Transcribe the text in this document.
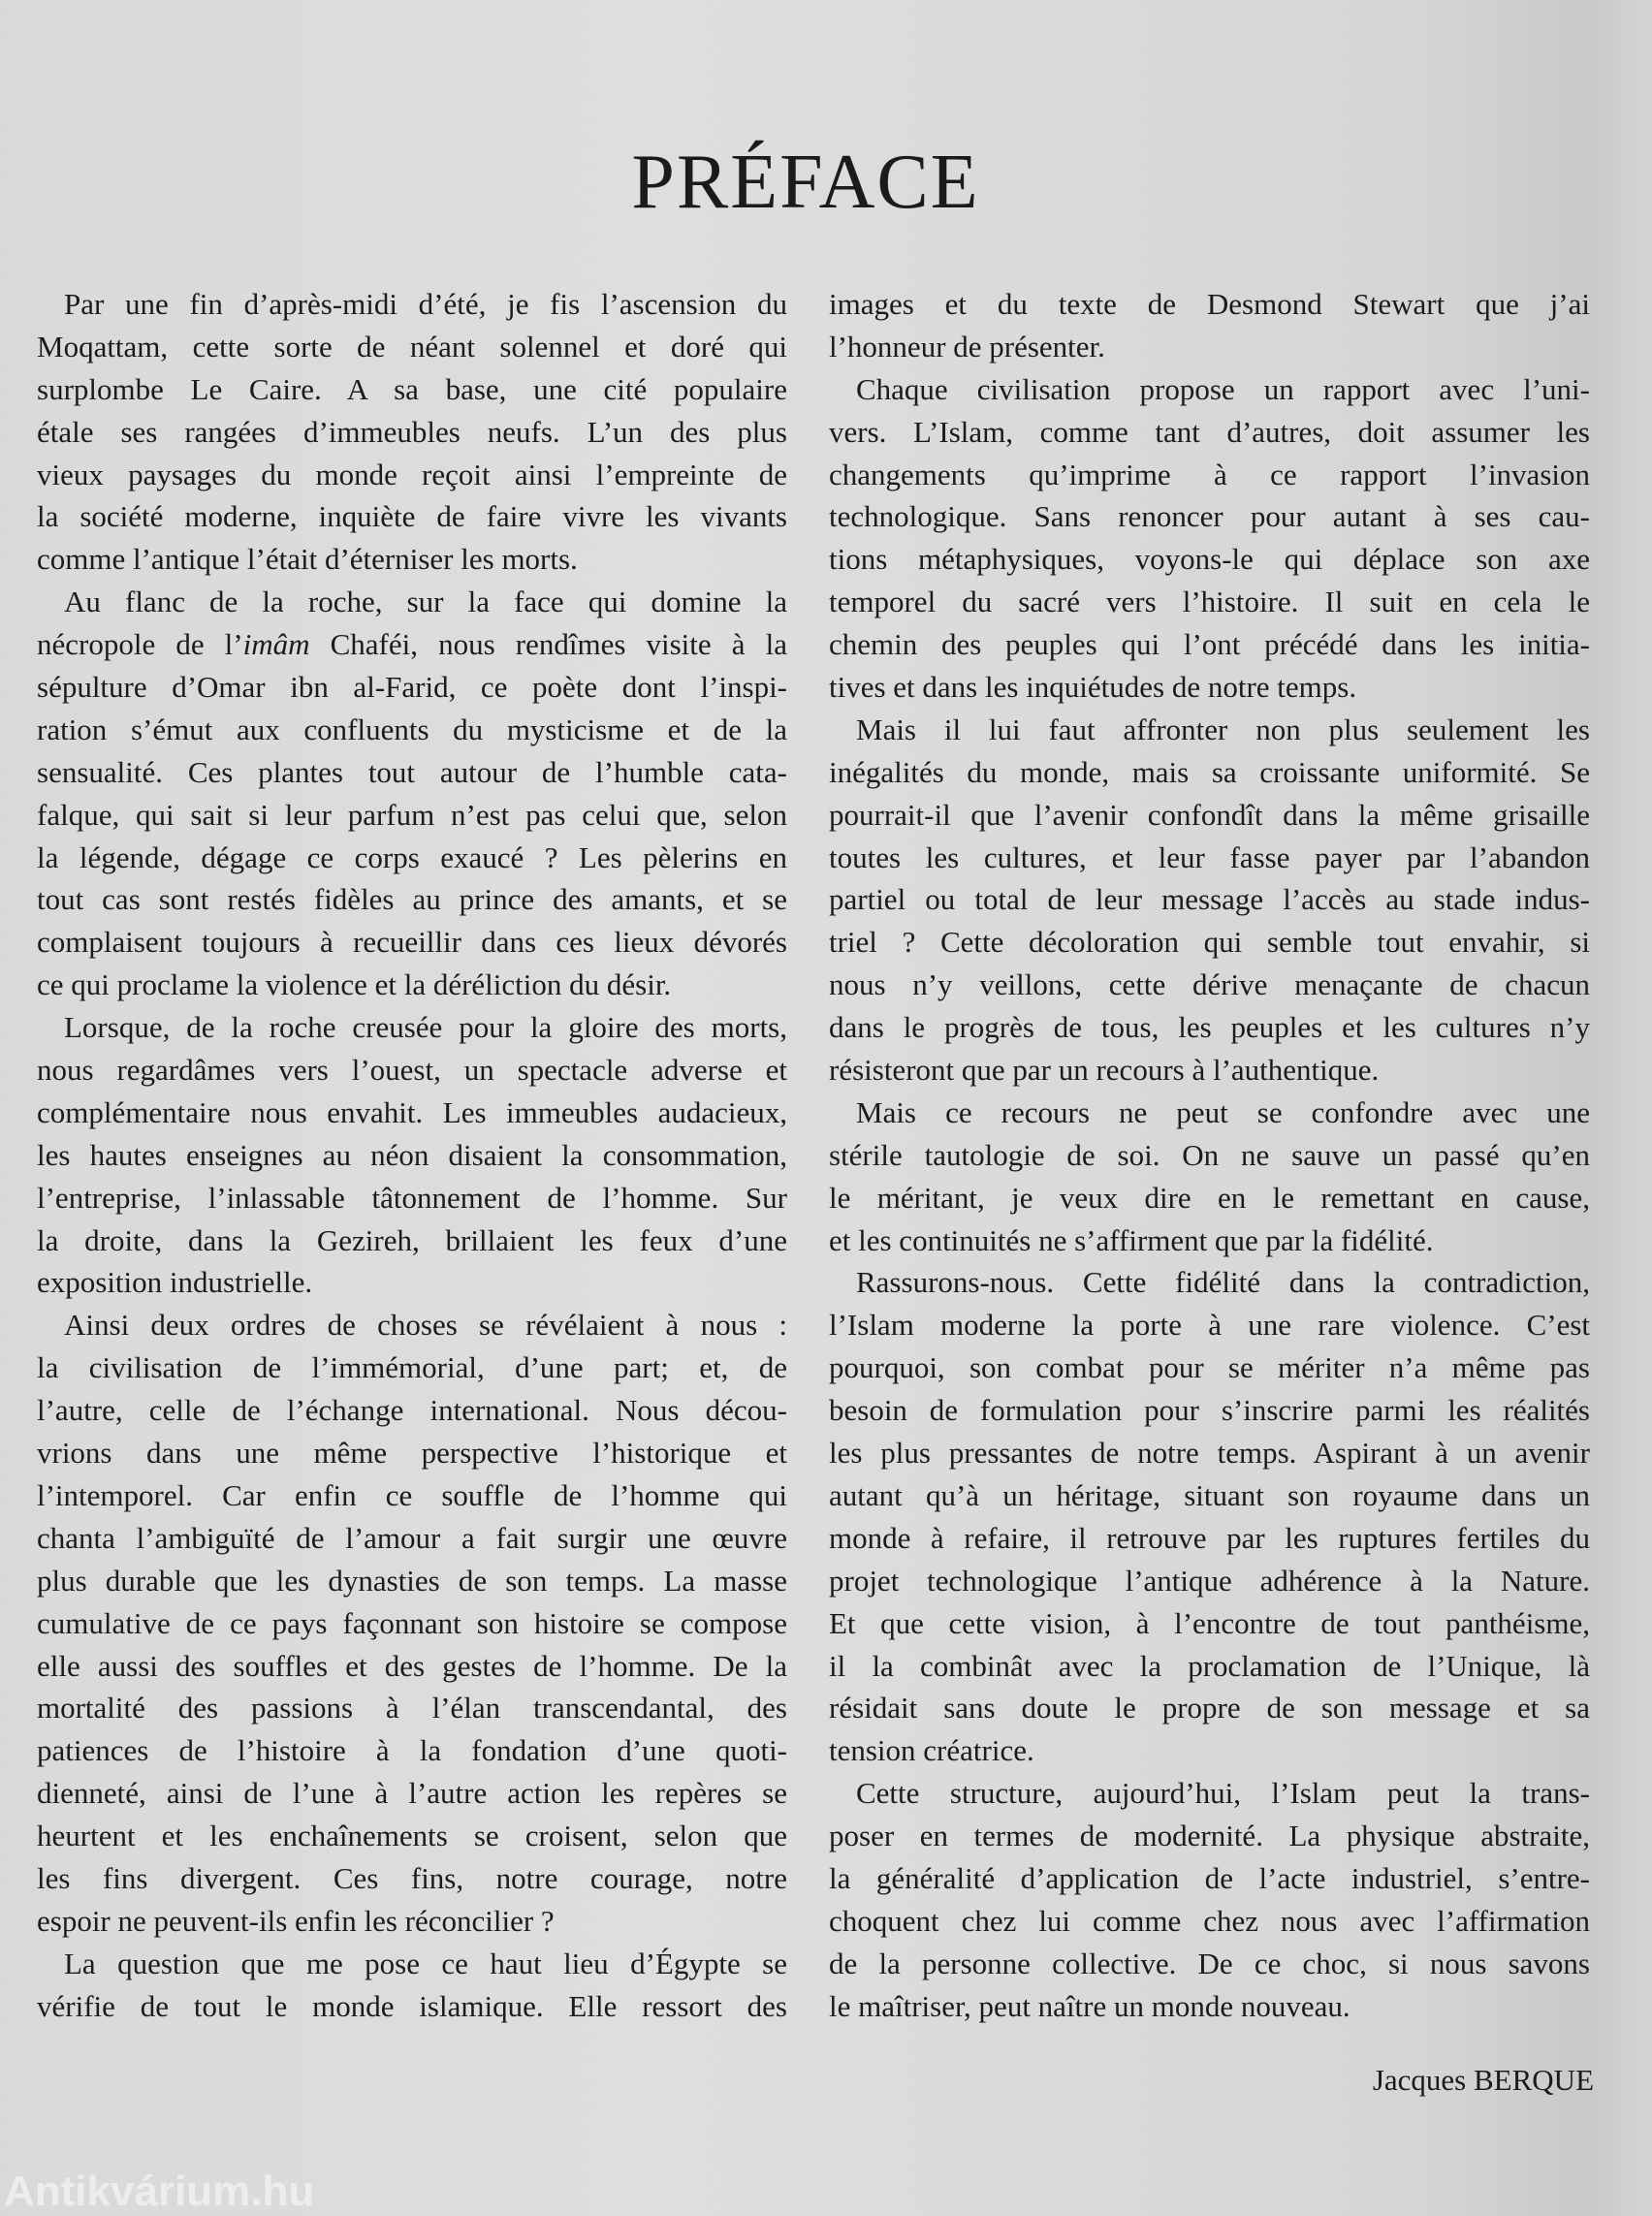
PRÉFACE
Par une fin d’après-midi d’été, je fis l’ascension du
Moqattam, cette sorte de néant solennel et doré qui
surplombe Le Caire. A sa base, une cité populaire
étale ses rangées d’immeubles neufs. L’un des plus
vieux paysages du monde reçoit ainsi l’empreinte de
la société moderne, inquiète de faire vivre les vivants
comme l’antique l’était d’éterniser les morts.
Au flanc de la roche, sur la face qui domine la
nécropole de l’imâm Chaféi, nous rendîmes visite à la
sépulture d’Omar ibn al-Farid, ce poète dont l’inspi-
ration s’émut aux confluents du mysticisme et de la
sensualité. Ces plantes tout autour de l’humble cata-
falque, qui sait si leur parfum n’est pas celui que, selon
la légende, dégage ce corps exaucé ? Les pèlerins en
tout cas sont restés fidèles au prince des amants, et se
complaisent toujours à recueillir dans ces lieux dévorés
ce qui proclame la violence et la déréliction du désir.
Lorsque, de la roche creusée pour la gloire des morts,
nous regardâmes vers l’ouest, un spectacle adverse et
complémentaire nous envahit. Les immeubles audacieux,
les hautes enseignes au néon disaient la consommation,
l’entreprise, l’inlassable tâtonnement de l’homme. Sur
la droite, dans la Gezireh, brillaient les feux d’une
exposition industrielle.
Ainsi deux ordres de choses se révélaient à nous :
la civilisation de l’immémorial, d’une part; et, de
l’autre, celle de l’échange international. Nous décou-
vrions dans une même perspective l’historique et
l’intemporel. Car enfin ce souffle de l’homme qui
chanta l’ambiguïté de l’amour a fait surgir une œuvre
plus durable que les dynasties de son temps. La masse
cumulative de ce pays façonnant son histoire se compose
elle aussi des souffles et des gestes de l’homme. De la
mortalité des passions à l’élan transcendantal, des
patiences de l’histoire à la fondation d’une quoti-
dienneté, ainsi de l’une à l’autre action les repères se
heurtent et les enchaînements se croisent, selon que
les fins divergent. Ces fins, notre courage, notre
espoir ne peuvent-ils enfin les réconcilier ?
La question que me pose ce haut lieu d’Égypte se
vérifie de tout le monde islamique. Elle ressort des
images et du texte de Desmond Stewart que j’ai
l’honneur de présenter.
Chaque civilisation propose un rapport avec l’uni-
vers. L’Islam, comme tant d’autres, doit assumer les
changements qu’imprime à ce rapport l’invasion
technologique. Sans renoncer pour autant à ses cau-
tions métaphysiques, voyons-le qui déplace son axe
temporel du sacré vers l’histoire. Il suit en cela le
chemin des peuples qui l’ont précédé dans les initia-
tives et dans les inquiétudes de notre temps.
Mais il lui faut affronter non plus seulement les
inégalités du monde, mais sa croissante uniformité. Se
pourrait-il que l’avenir confondît dans la même grisaille
toutes les cultures, et leur fasse payer par l’abandon
partiel ou total de leur message l’accès au stade indus-
triel ? Cette décoloration qui semble tout envahir, si
nous n’y veillons, cette dérive menaçante de chacun
dans le progrès de tous, les peuples et les cultures n’y
résisteront que par un recours à l’authentique.
Mais ce recours ne peut se confondre avec une
stérile tautologie de soi. On ne sauve un passé qu’en
le méritant, je veux dire en le remettant en cause,
et les continuités ne s’affirment que par la fidélité.
Rassurons-nous. Cette fidélité dans la contradiction,
l’Islam moderne la porte à une rare violence. C’est
pourquoi, son combat pour se mériter n’a même pas
besoin de formulation pour s’inscrire parmi les réalités
les plus pressantes de notre temps. Aspirant à un avenir
autant qu’à un héritage, situant son royaume dans un
monde à refaire, il retrouve par les ruptures fertiles du
projet technologique l’antique adhérence à la Nature.
Et que cette vision, à l’encontre de tout panthéisme,
il la combinât avec la proclamation de l’Unique, là
résidait sans doute le propre de son message et sa
tension créatrice.
Cette structure, aujourd’hui, l’Islam peut la trans-
poser en termes de modernité. La physique abstraite,
la généralité d’application de l’acte industriel, s’entre-
choquent chez lui comme chez nous avec l’affirmation
de la personne collective. De ce choc, si nous savons
le maîtriser, peut naître un monde nouveau.
Jacques BERQUE
Antikvárium.hu
